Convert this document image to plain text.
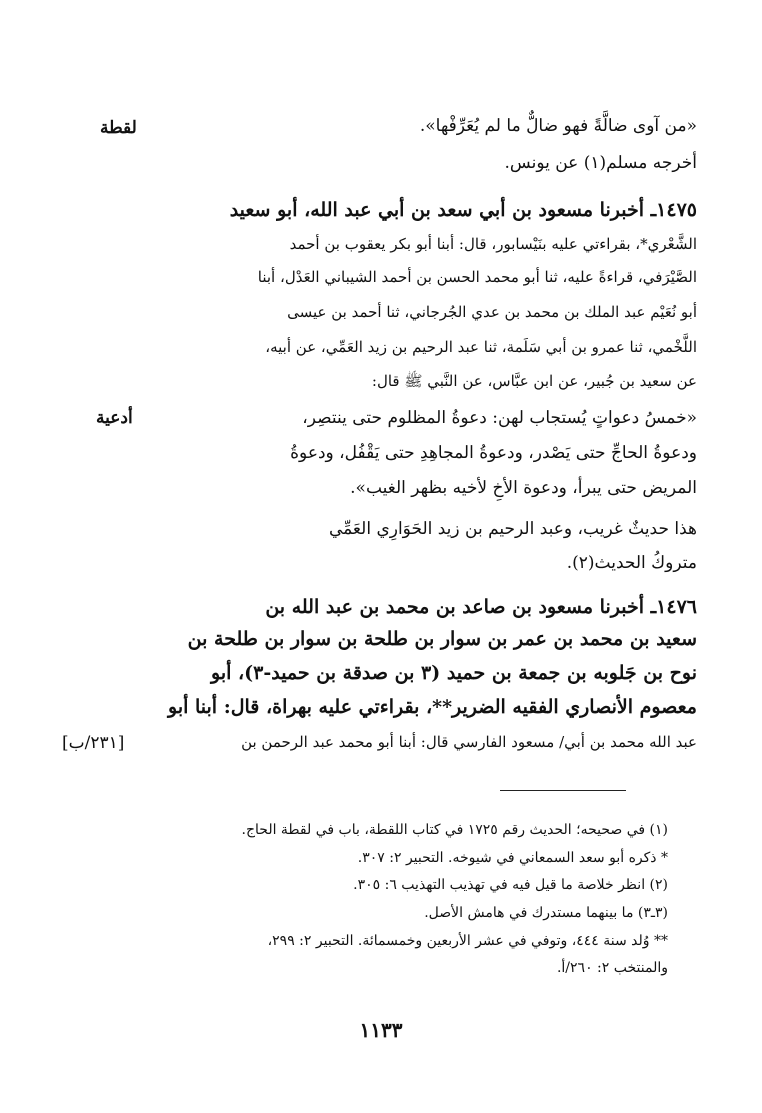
لقطة
أدعية
[٢٣١/ب]
«من آوى ضالَّةً فهو ضالٌّ ما لم يُعَرِّفْها».
أخرجه مسلم(١) عن يونس.
١٤٧٥ـ أخبرنا مسعود بن أبي سعد بن أبي عبد الله، أبو سعيد
الشَّعْري*، بقراءتي عليه بنَيْسابور، قال: أبنا أبو بكر يعقوب بن أحمد
الصَّيْرَفي، قراءةً عليه، ثنا أبو محمد الحسن بن أحمد الشيباني العَدْل، أبنا
أبو نُعَيْم عبد الملك بن محمد بن عدي الجُرجاني، ثنا أحمد بن عيسى
اللَّخْمي، ثنا عمرو بن أبي سَلَمة، ثنا عبد الرحيم بن زيد العَمِّي، عن أبيه،
عن سعيد بن جُبير، عن ابن عبَّاس، عن النَّبي ﷺ قال:
«خمسُ دعواتٍ يُستجاب لهن: دعوةُ المظلوم حتى ينتصِر،
ودعوةُ الحاجِّ حتى يَصْدر، ودعوةُ المجاهِدِ حتى يَقْفُل، ودعوةُ
المريض حتى يبرأ، ودعوة الأخِ لأخيه بظهر الغيب».
هذا حديثٌ غريب، وعبد الرحيم بن زيد الحَوَارِي العَمِّي
متروكُ الحديث(٢).
١٤٧٦ـ أخبرنا مسعود بن صاعد بن محمد بن عبد الله بن
سعيد بن محمد بن عمر بن سوار بن طلحة بن سوار بن طلحة بن
نوح بن جَلوبه بن جمعة بن حميد (٣ بن صدقة بن حميد-٣)، أبو
معصوم الأنصاري الفقيه الضرير**، بقراءتي عليه بهراة، قال: أبنا أبو
عبد الله محمد بن أبي/ مسعود الفارسي قال: أبنا أبو محمد عبد الرحمن بن
(١) في صحيحه؛ الحديث رقم ١٧٢٥ في كتاب اللقطة، باب في لقطة الحاج.
* ذكره أبو سعد السمعاني في شيوخه. التحبير ٢: ٣٠٧.
(٢) انظر خلاصة ما قيل فيه في تهذيب التهذيب ٦: ٣٠٥.
(٣ـ٣) ما بينهما مستدرك في هامش الأصل.
** وُلد سنة ٤٤٤، وتوفي في عشر الأربعين وخمسمائة. التحبير ٢: ٢٩٩،
والمنتخب ٢: ٢٦٠/أ.
١١٣٣
